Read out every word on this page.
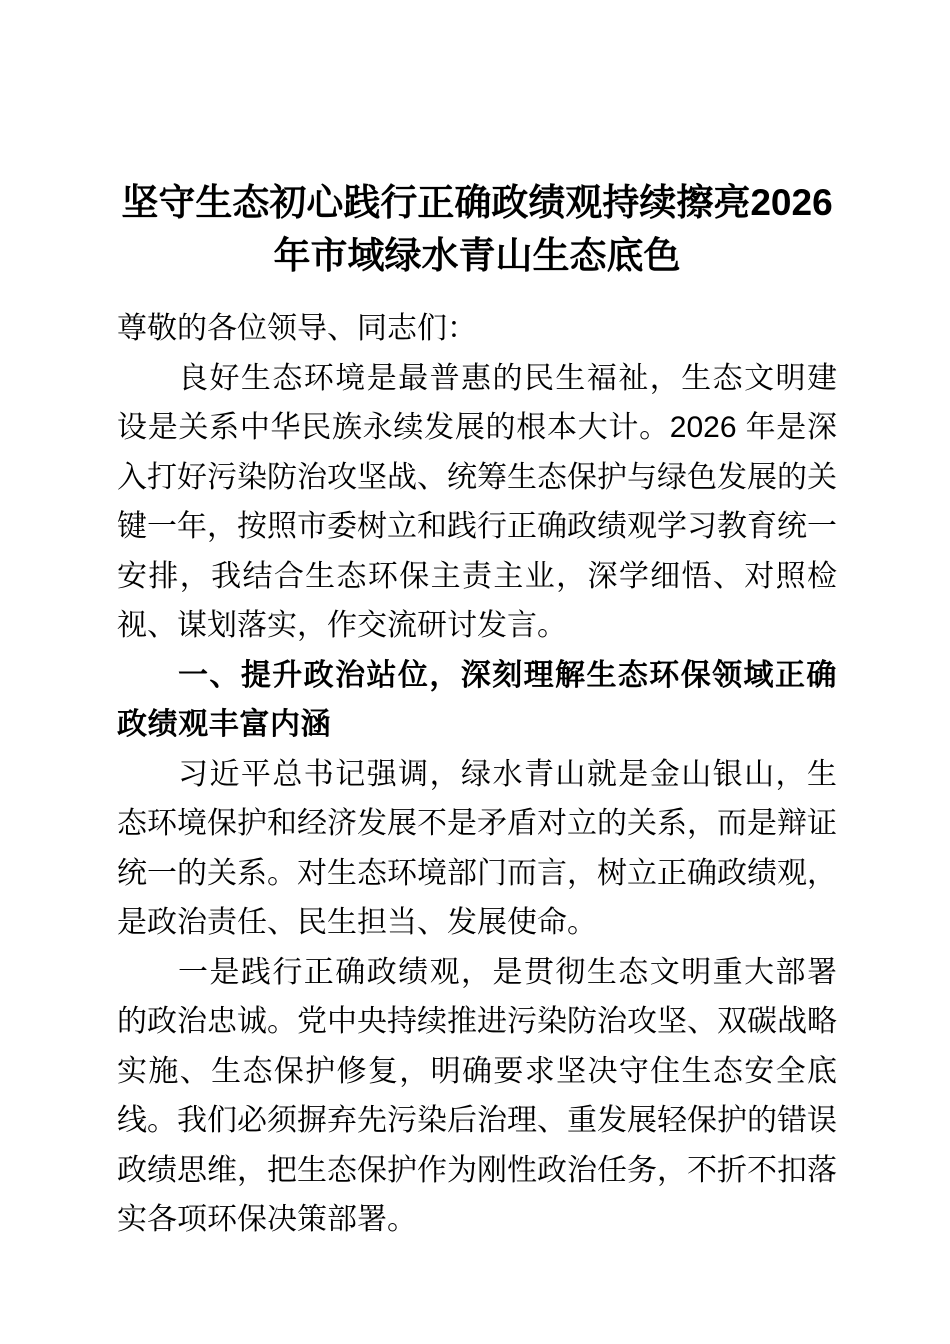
坚守生态初心践行正确政绩观持续擦亮2026年市域绿水青山生态底色

尊敬的各位领导、同志们：

良好生态环境是最普惠的民生福祉，生态文明建设是关系中华民族永续发展的根本大计。2026 年是深入打好污染防治攻坚战、统筹生态保护与绿色发展的关键一年，按照市委树立和践行正确政绩观学习教育统一安排，我结合生态环保主责主业，深学细悟、对照检视、谋划落实，作交流研讨发言。

一、提升政治站位，深刻理解生态环保领域正确政绩观丰富内涵

习近平总书记强调，绿水青山就是金山银山，生态环境保护和经济发展不是矛盾对立的关系，而是辩证统一的关系。对生态环境部门而言，树立正确政绩观，是政治责任、民生担当、发展使命。

一是践行正确政绩观，是贯彻生态文明重大部署的政治忠诚。党中央持续推进污染防治攻坚、双碳战略实施、生态保护修复，明确要求坚决守住生态安全底线。我们必须摒弃先污染后治理、重发展轻保护的错误政绩思维，把生态保护作为刚性政治任务，不折不扣落实各项环保决策部署。
